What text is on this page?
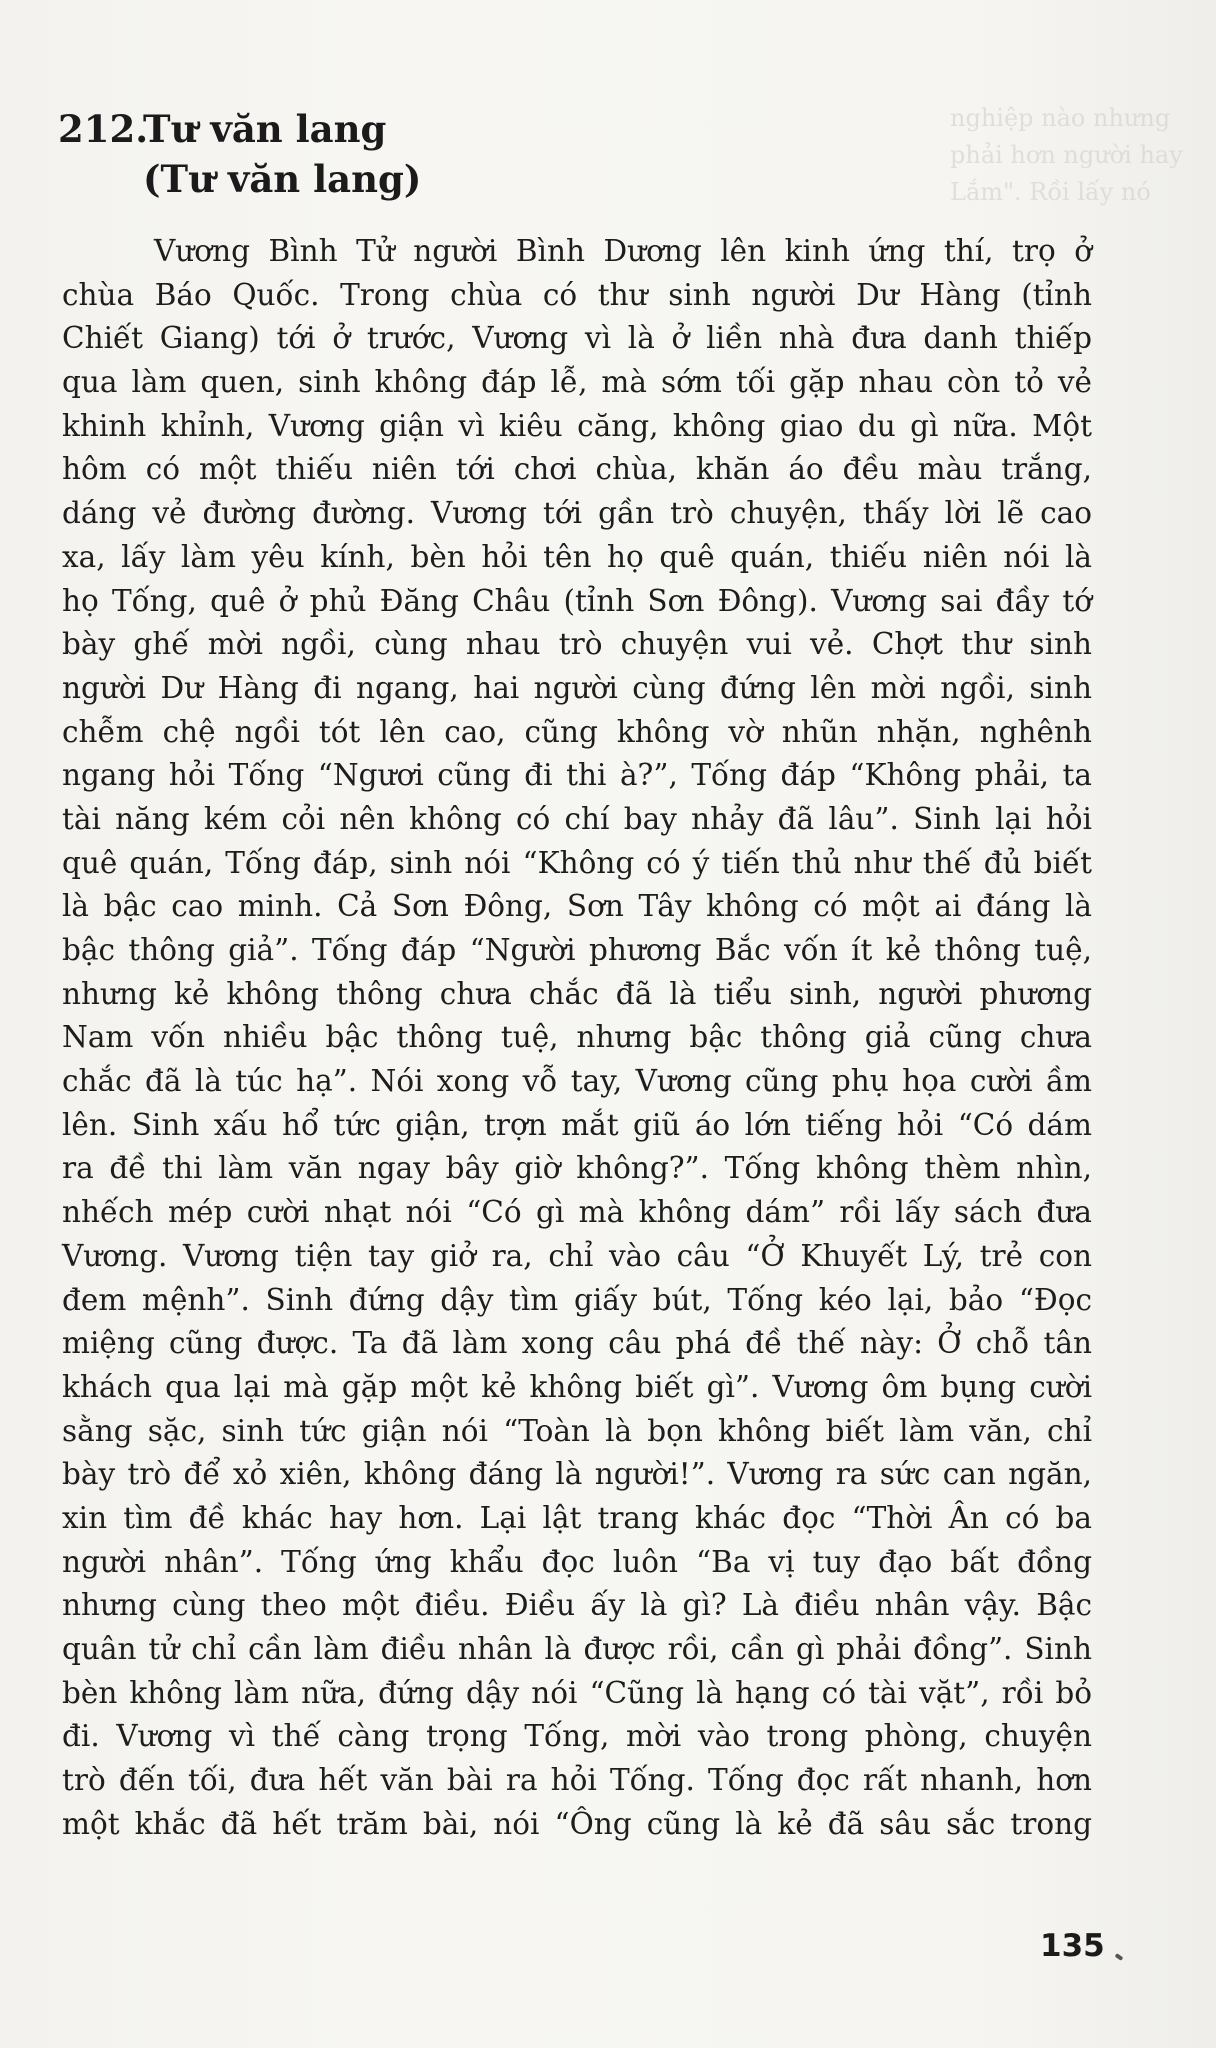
nghiệp nào nhưng
phải hơn người hay
Lắm". Rồi lấy nó
212.Tư văn lang
(Tư văn lang)
Vương Bình Tử người Bình Dương lên kinh ứng thí, trọ ở
chùa Báo Quốc. Trong chùa có thư sinh người Dư Hàng (tỉnh
Chiết Giang) tới ở trước, Vương vì là ở liền nhà đưa danh thiếp
qua làm quen, sinh không đáp lễ, mà sớm tối gặp nhau còn tỏ vẻ
khinh khỉnh, Vương giận vì kiêu căng, không giao du gì nữa. Một
hôm có một thiếu niên tới chơi chùa, khăn áo đều màu trắng,
dáng vẻ đường đường. Vương tới gần trò chuyện, thấy lời lẽ cao
xa, lấy làm yêu kính, bèn hỏi tên họ quê quán, thiếu niên nói là
họ Tống, quê ở phủ Đăng Châu (tỉnh Sơn Đông). Vương sai đầy tớ
bày ghế mời ngồi, cùng nhau trò chuyện vui vẻ. Chợt thư sinh
người Dư Hàng đi ngang, hai người cùng đứng lên mời ngồi, sinh
chễm chệ ngồi tót lên cao, cũng không vờ nhũn nhặn, nghênh
ngang hỏi Tống “Ngươi cũng đi thi à?”, Tống đáp “Không phải, ta
tài năng kém cỏi nên không có chí bay nhảy đã lâu”. Sinh lại hỏi
quê quán, Tống đáp, sinh nói “Không có ý tiến thủ như thế đủ biết
là bậc cao minh. Cả Sơn Đông, Sơn Tây không có một ai đáng là
bậc thông giả”. Tống đáp “Người phương Bắc vốn ít kẻ thông tuệ,
nhưng kẻ không thông chưa chắc đã là tiểu sinh, người phương
Nam vốn nhiều bậc thông tuệ, nhưng bậc thông giả cũng chưa
chắc đã là túc hạ”. Nói xong vỗ tay, Vương cũng phụ họa cười ầm
lên. Sinh xấu hổ tức giận, trợn mắt giũ áo lớn tiếng hỏi “Có dám
ra đề thi làm văn ngay bây giờ không?”. Tống không thèm nhìn,
nhếch mép cười nhạt nói “Có gì mà không dám” rồi lấy sách đưa
Vương. Vương tiện tay giở ra, chỉ vào câu “Ở Khuyết Lý, trẻ con
đem mệnh”. Sinh đứng dậy tìm giấy bút, Tống kéo lại, bảo “Đọc
miệng cũng được. Ta đã làm xong câu phá đề thế này: Ở chỗ tân
khách qua lại mà gặp một kẻ không biết gì”. Vương ôm bụng cười
sằng sặc, sinh tức giận nói “Toàn là bọn không biết làm văn, chỉ
bày trò để xỏ xiên, không đáng là người!”. Vương ra sức can ngăn,
xin tìm đề khác hay hơn. Lại lật trang khác đọc “Thời Ân có ba
người nhân”. Tống ứng khẩu đọc luôn “Ba vị tuy đạo bất đồng
nhưng cùng theo một điều. Điều ấy là gì? Là điều nhân vậy. Bậc
quân tử chỉ cần làm điều nhân là được rồi, cần gì phải đồng”. Sinh
bèn không làm nữa, đứng dậy nói “Cũng là hạng có tài vặt”, rồi bỏ
đi. Vương vì thế càng trọng Tống, mời vào trong phòng, chuyện
trò đến tối, đưa hết văn bài ra hỏi Tống. Tống đọc rất nhanh, hơn
một khắc đã hết trăm bài, nói “Ông cũng là kẻ đã sâu sắc trong
135
